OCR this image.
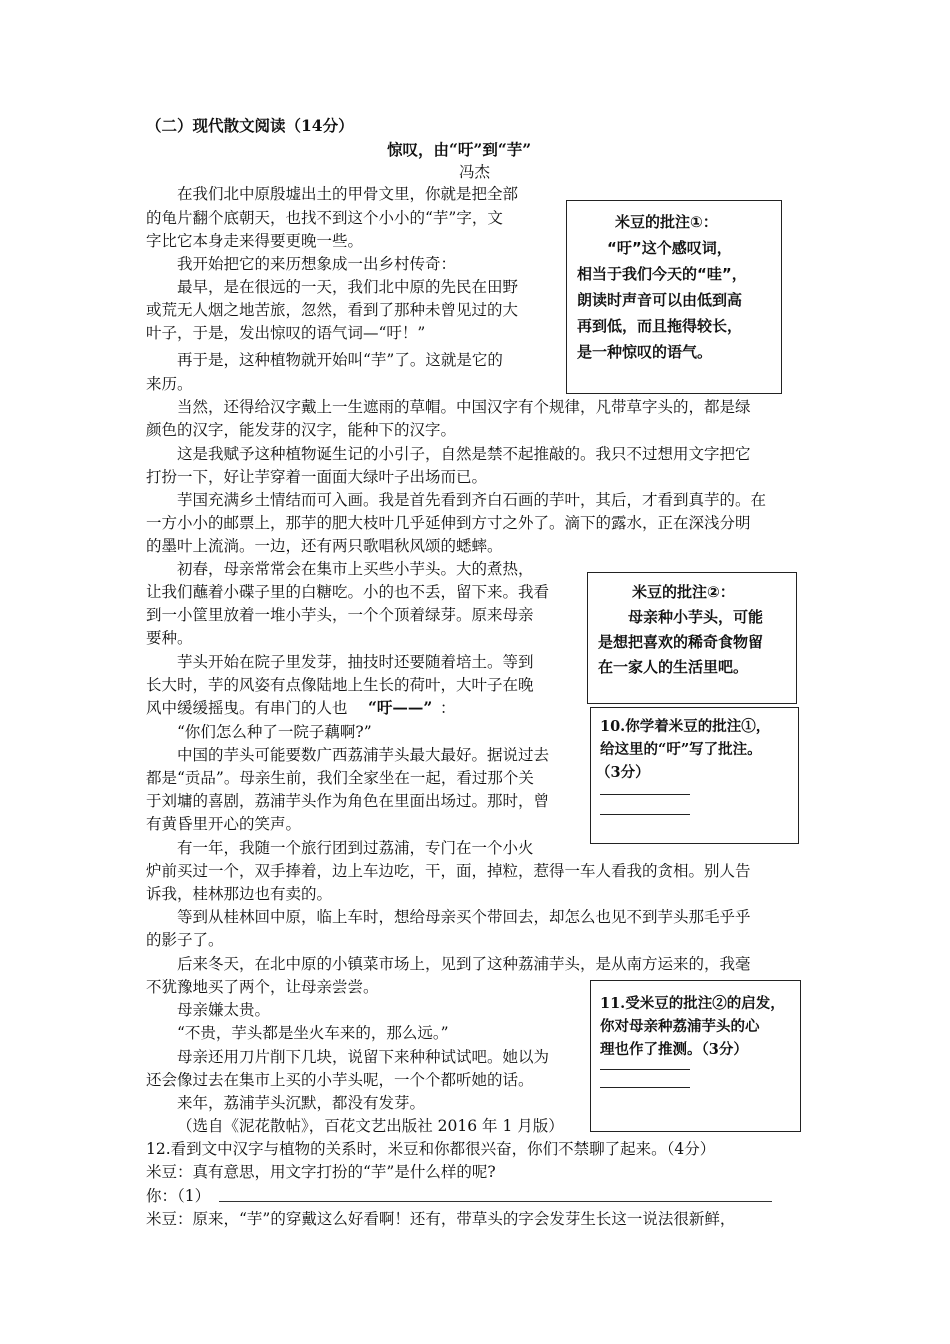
（二）现代散文阅读（14分）
惊叹，由“吁”到“芋”
冯杰
在我们北中原殷墟出土的甲骨文里，你就是把全部
的龟片翻个底朝天，也找不到这个小小的“芋”字，文
字比它本身走来得要更晚一些。
我开始把它的来历想象成一出乡村传奇：
最早，是在很远的一天，我们北中原的先民在田野
或荒无人烟之地苦旅，忽然，看到了那种未曾见过的大
叶子，于是，发出惊叹的语气词—“吁！”
再于是，这种植物就开始叫“芋”了。这就是它的
来历。
当然，还得给汉字戴上一生遮雨的草帽。中国汉字有个规律，凡带草字头的，都是绿
颜色的汉字，能发芽的汉字，能种下的汉字。
这是我赋予这种植物诞生记的小引子，自然是禁不起推敲的。我只不过想用文字把它
打扮一下，好让芋穿着一面面大绿叶子出场而已。
芋国充满乡土情结而可入画。我是首先看到齐白石画的芋叶，其后，才看到真芋的。在
一方小小的邮票上，那芋的肥大枝叶几乎延伸到方寸之外了。滴下的露水，正在深浅分明
的墨叶上流淌。一边，还有两只歌唱秋风颂的蟋蟀。
初春，母亲常常会在集市上买些小芋头。大的煮热，
让我们蘸着小碟子里的白糖吃。小的也不丢，留下来。我看
到一小筐里放着一堆小芋头，一个个顶着绿芽。原来母亲
要种。
芋头开始在院子里发芽，抽技时还要随着培土。等到
长大时，芋的风姿有点像陆地上生长的荷叶，大叶子在晚
风中缓缓摇曳。有串门的人也 “吁——” ：
“你们怎么种了一院子藕啊?”
中国的芋头可能要数广西荔浦芋头最大最好。据说过去
都是“贡品”。母亲生前，我们全家坐在一起，看过那个关
于刘墉的喜剧，荔浦芋头作为角色在里面出场过。那时，曾
有黄昏里开心的笑声。
有一年，我随一个旅行团到过荔浦，专门在一个小火
炉前买过一个，双手捧着，边上车边吃，干，面，掉粒，惹得一车人看我的贪相。别人告
诉我，桂林那边也有卖的。
等到从桂林回中原，临上车时，想给母亲买个带回去，却怎么也见不到芋头那毛乎乎
的影子了。
后来冬天，在北中原的小镇菜市场上，见到了这种荔浦芋头，是从南方运来的，我毫
不犹豫地买了两个，让母亲尝尝。
母亲嫌太贵。
“不贵，芋头都是坐火车来的，那么远。”
母亲还用刀片削下几块，说留下来种种试试吧。她以为
还会像过去在集市上买的小芋头呢，一个个都听她的话。
来年，荔浦芋头沉默，都没有发芽。
（选自《泥花散帖》，百花文艺出版社 2016 年 1 月版）
米豆的批注①：
“吁”这个感叹词，
相当于我们今天的“哇”，
朗读时声音可以由低到高
再到低，而且拖得较长，
是一种惊叹的语气。
米豆的批注②：
母亲种小芋头，可能
是想把喜欢的稀奇食物留
在一家人的生活里吧。
10.你学着米豆的批注①，
给这里的“吁”写了批注。
（3分）
11.受米豆的批注②的启发，
你对母亲种荔浦芋头的心
理也作了推测。（3分）
12.看到文中汉字与植物的关系时，米豆和你都很兴奋，你们不禁聊了起来。（4分）
米豆：真有意思，用文字打扮的“芋”是什么样的呢?
你：（1）
米豆：原来，“芋”的穿戴这么好看啊！还有，带草头的字会发芽生长这一说法很新鲜，
